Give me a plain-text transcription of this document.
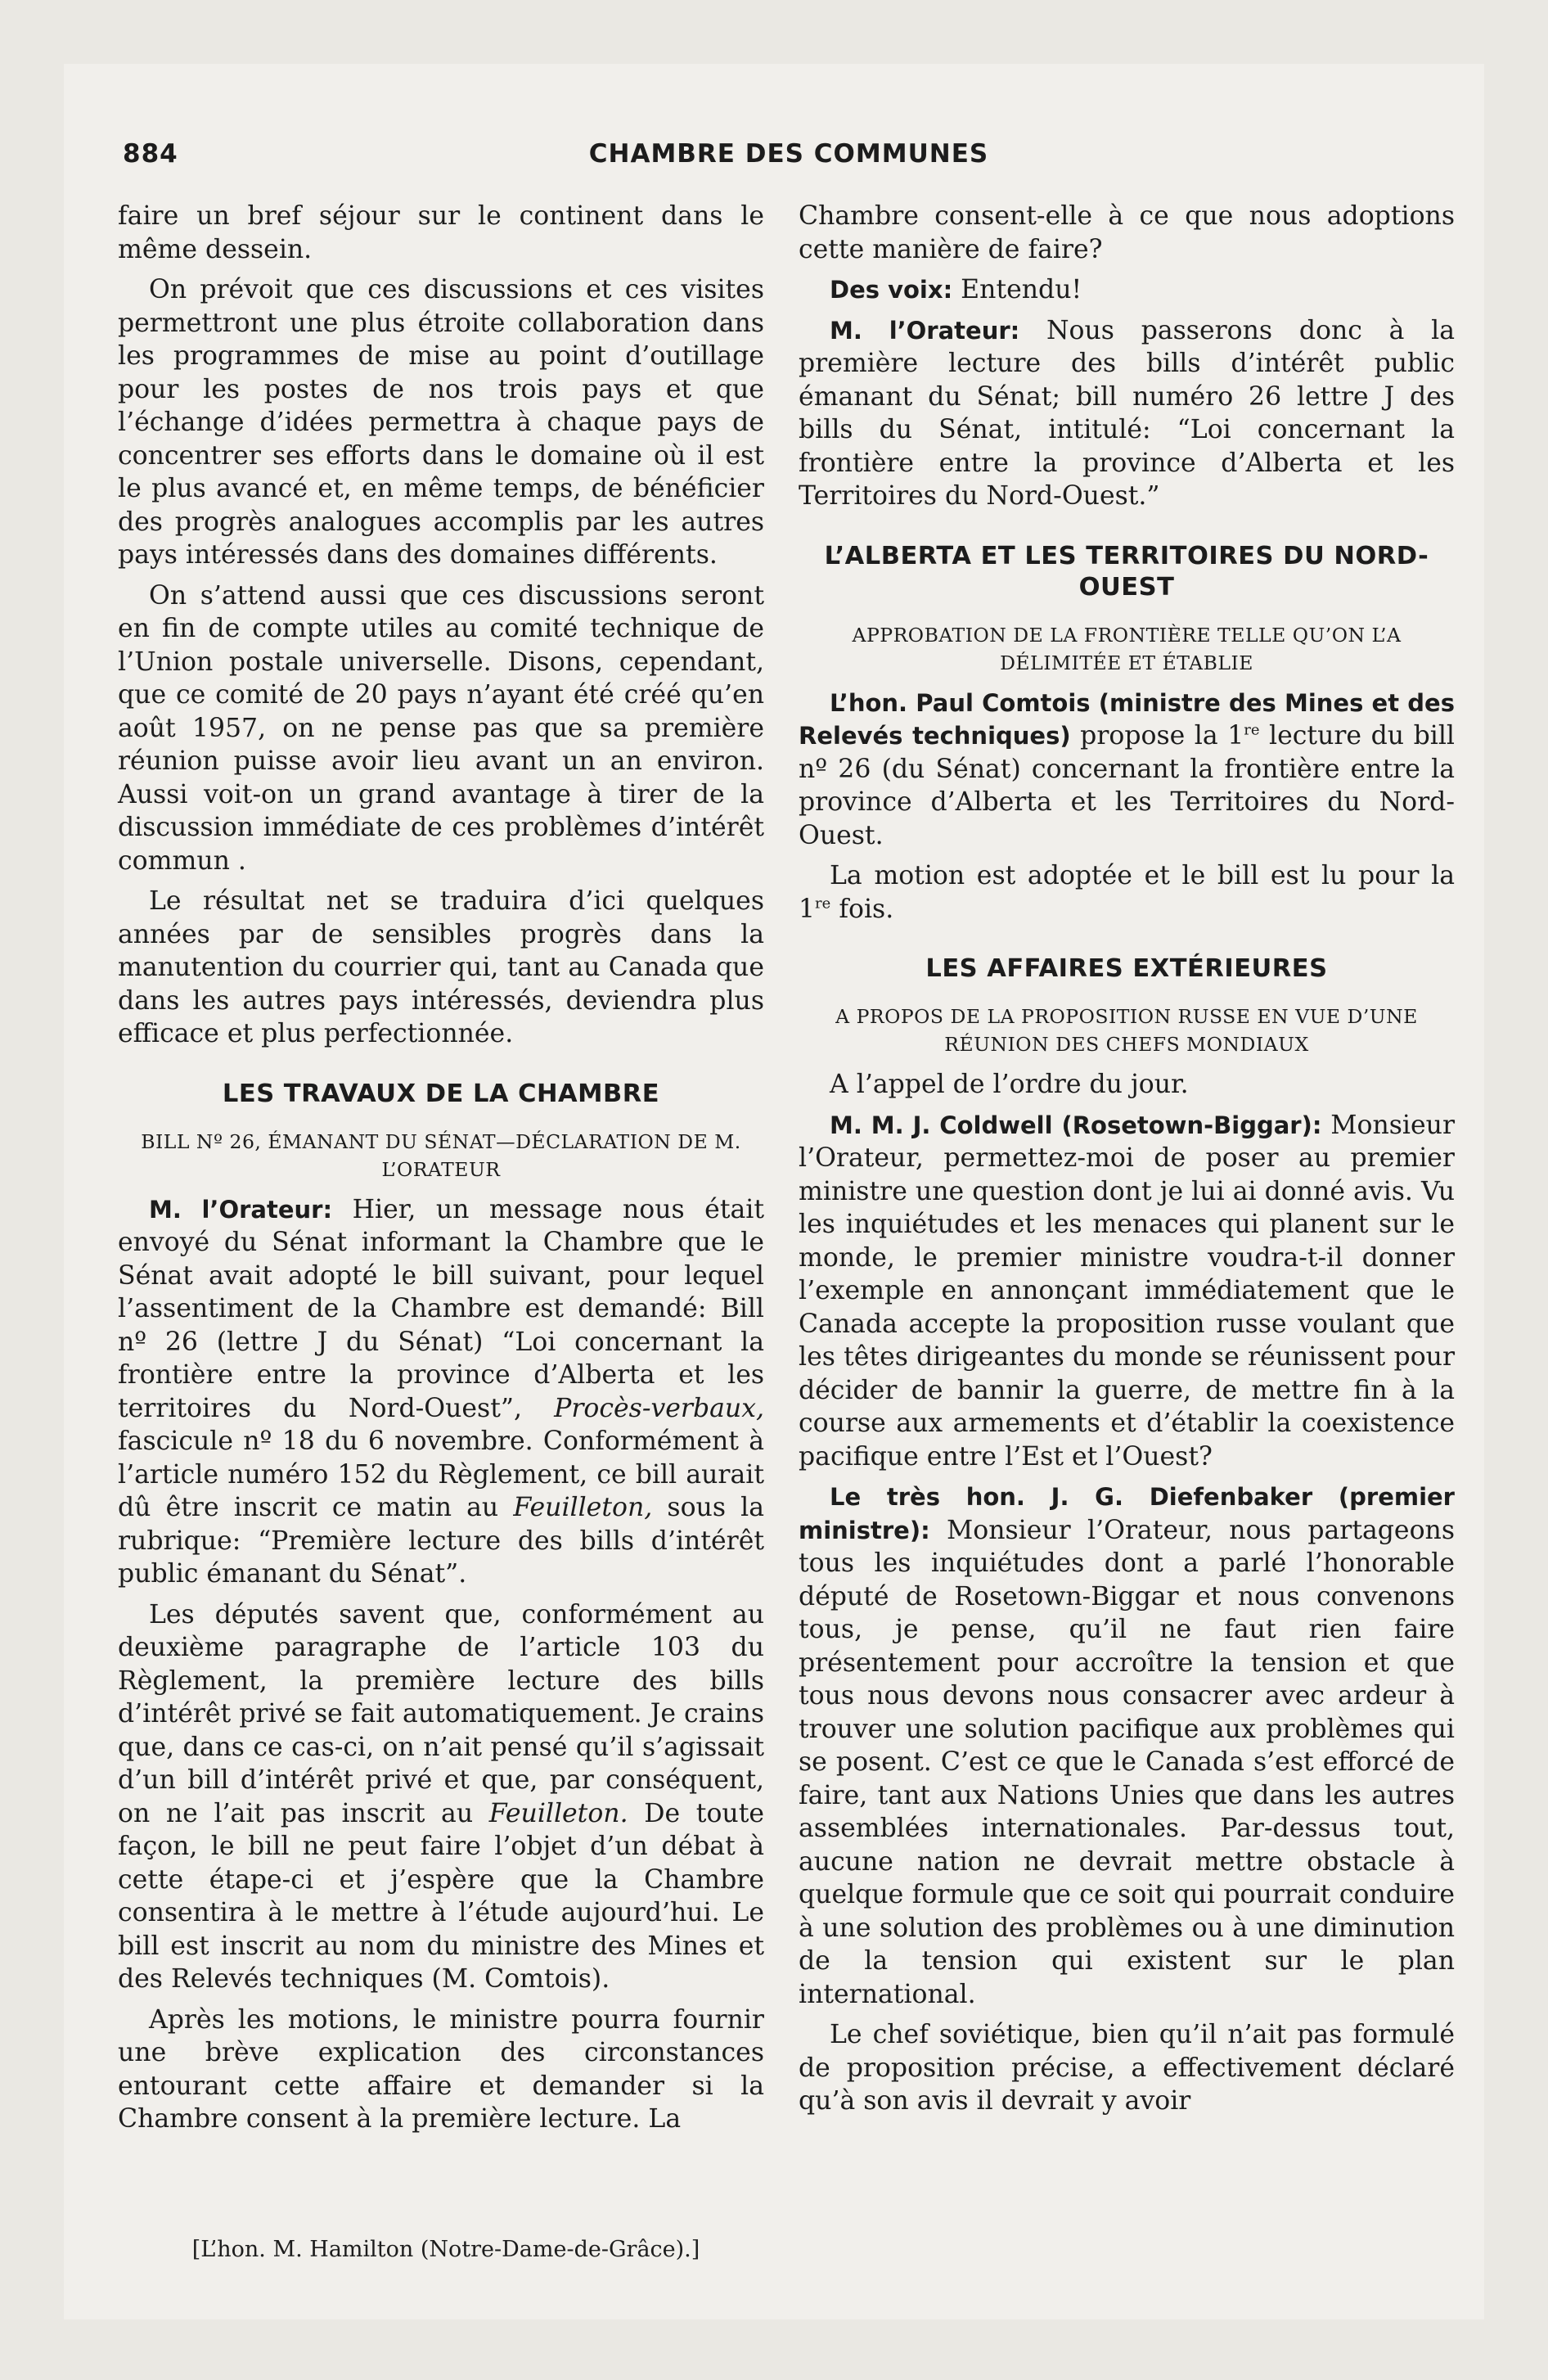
884	CHAMBRE DES COMMUNES

faire un bref séjour sur le continent dans le même dessein.

On prévoit que ces discussions et ces visites permettront une plus étroite collaboration dans les programmes de mise au point d’outillage pour les postes de nos trois pays et que l’échange d’idées permettra à chaque pays de concentrer ses efforts dans le domaine où il est le plus avancé et, en même temps, de bénéficier des progrès analogues accomplis par les autres pays intéressés dans des domaines différents.

On s’attend aussi que ces discussions seront en fin de compte utiles au comité technique de l’Union postale universelle. Disons, cependant, que ce comité de 20 pays n’ayant été créé qu’en août 1957, on ne pense pas que sa première réunion puisse avoir lieu avant un an environ. Aussi voit-on un grand avantage à tirer de la discussion immédiate de ces problèmes d’intérêt commun .

Le résultat net se traduira d’ici quelques années par de sensibles progrès dans la manutention du courrier qui, tant au Canada que dans les autres pays intéressés, deviendra plus efficace et plus perfectionnée.

LES TRAVAUX DE LA CHAMBRE
BILL Nº 26, ÉMANANT DU SÉNAT—DÉCLARATION DE M. L’ORATEUR

M. l’Orateur: Hier, un message nous était envoyé du Sénat informant la Chambre que le Sénat avait adopté le bill suivant, pour lequel l’assentiment de la Chambre est demandé: Bill nº 26 (lettre J du Sénat) “Loi concernant la frontière entre la province d’Alberta et les territoires du Nord-Ouest”, Procès-verbaux, fascicule nº 18 du 6 novembre. Conformément à l’article numéro 152 du Règlement, ce bill aurait dû être inscrit ce matin au Feuilleton, sous la rubrique: “Première lecture des bills d’intérêt public émanant du Sénat”.

Les députés savent que, conformément au deuxième paragraphe de l’article 103 du Règlement, la première lecture des bills d’intérêt privé se fait automatiquement. Je crains que, dans ce cas-ci, on n’ait pensé qu’il s’agissait d’un bill d’intérêt privé et que, par conséquent, on ne l’ait pas inscrit au Feuilleton. De toute façon, le bill ne peut faire l’objet d’un débat à cette étape-ci et j’espère que la Chambre consentira à le mettre à l’étude aujourd’hui. Le bill est inscrit au nom du ministre des Mines et des Relevés techniques (M. Comtois).

Après les motions, le ministre pourra fournir une brève explication des circonstances entourant cette affaire et demander si la Chambre consent à la première lecture. La

[L’hon. M. Hamilton (Notre-Dame-de-Grâce).]

Chambre consent-elle à ce que nous adoptions cette manière de faire?

Des voix: Entendu!

M. l’Orateur: Nous passerons donc à la première lecture des bills d’intérêt public émanant du Sénat; bill numéro 26 lettre J des bills du Sénat, intitulé: “Loi concernant la frontière entre la province d’Alberta et les Territoires du Nord-Ouest.”

L’ALBERTA ET LES TERRITOIRES DU NORD-OUEST
APPROBATION DE LA FRONTIÈRE TELLE QU’ON L’A DÉLIMITÉE ET ÉTABLIE

L’hon. Paul Comtois (ministre des Mines et des Relevés techniques) propose la 1re lecture du bill nº 26 (du Sénat) concernant la frontière entre la province d’Alberta et les Territoires du Nord-Ouest.

La motion est adoptée et le bill est lu pour la 1re fois.

LES AFFAIRES EXTÉRIEURES
A PROPOS DE LA PROPOSITION RUSSE EN VUE D’UNE RÉUNION DES CHEFS MONDIAUX

A l’appel de l’ordre du jour.

M. M. J. Coldwell (Rosetown-Biggar): Monsieur l’Orateur, permettez-moi de poser au premier ministre une question dont je lui ai donné avis. Vu les inquiétudes et les menaces qui planent sur le monde, le premier ministre voudra-t-il donner l’exemple en annonçant immédiatement que le Canada accepte la proposition russe voulant que les têtes dirigeantes du monde se réunissent pour décider de bannir la guerre, de mettre fin à la course aux armements et d’établir la coexistence pacifique entre l’Est et l’Ouest?

Le très hon. J. G. Diefenbaker (premier ministre): Monsieur l’Orateur, nous partageons tous les inquiétudes dont a parlé l’honorable député de Rosetown-Biggar et nous convenons tous, je pense, qu’il ne faut rien faire présentement pour accroître la tension et que tous nous devons nous consacrer avec ardeur à trouver une solution pacifique aux problèmes qui se posent. C’est ce que le Canada s’est efforcé de faire, tant aux Nations Unies que dans les autres assemblées internationales. Par-dessus tout, aucune nation ne devrait mettre obstacle à quelque formule que ce soit qui pourrait conduire à une solution des problèmes ou à une diminution de la tension qui existent sur le plan international.

Le chef soviétique, bien qu’il n’ait pas formulé de proposition précise, a effectivement déclaré qu’à son avis il devrait y avoir
